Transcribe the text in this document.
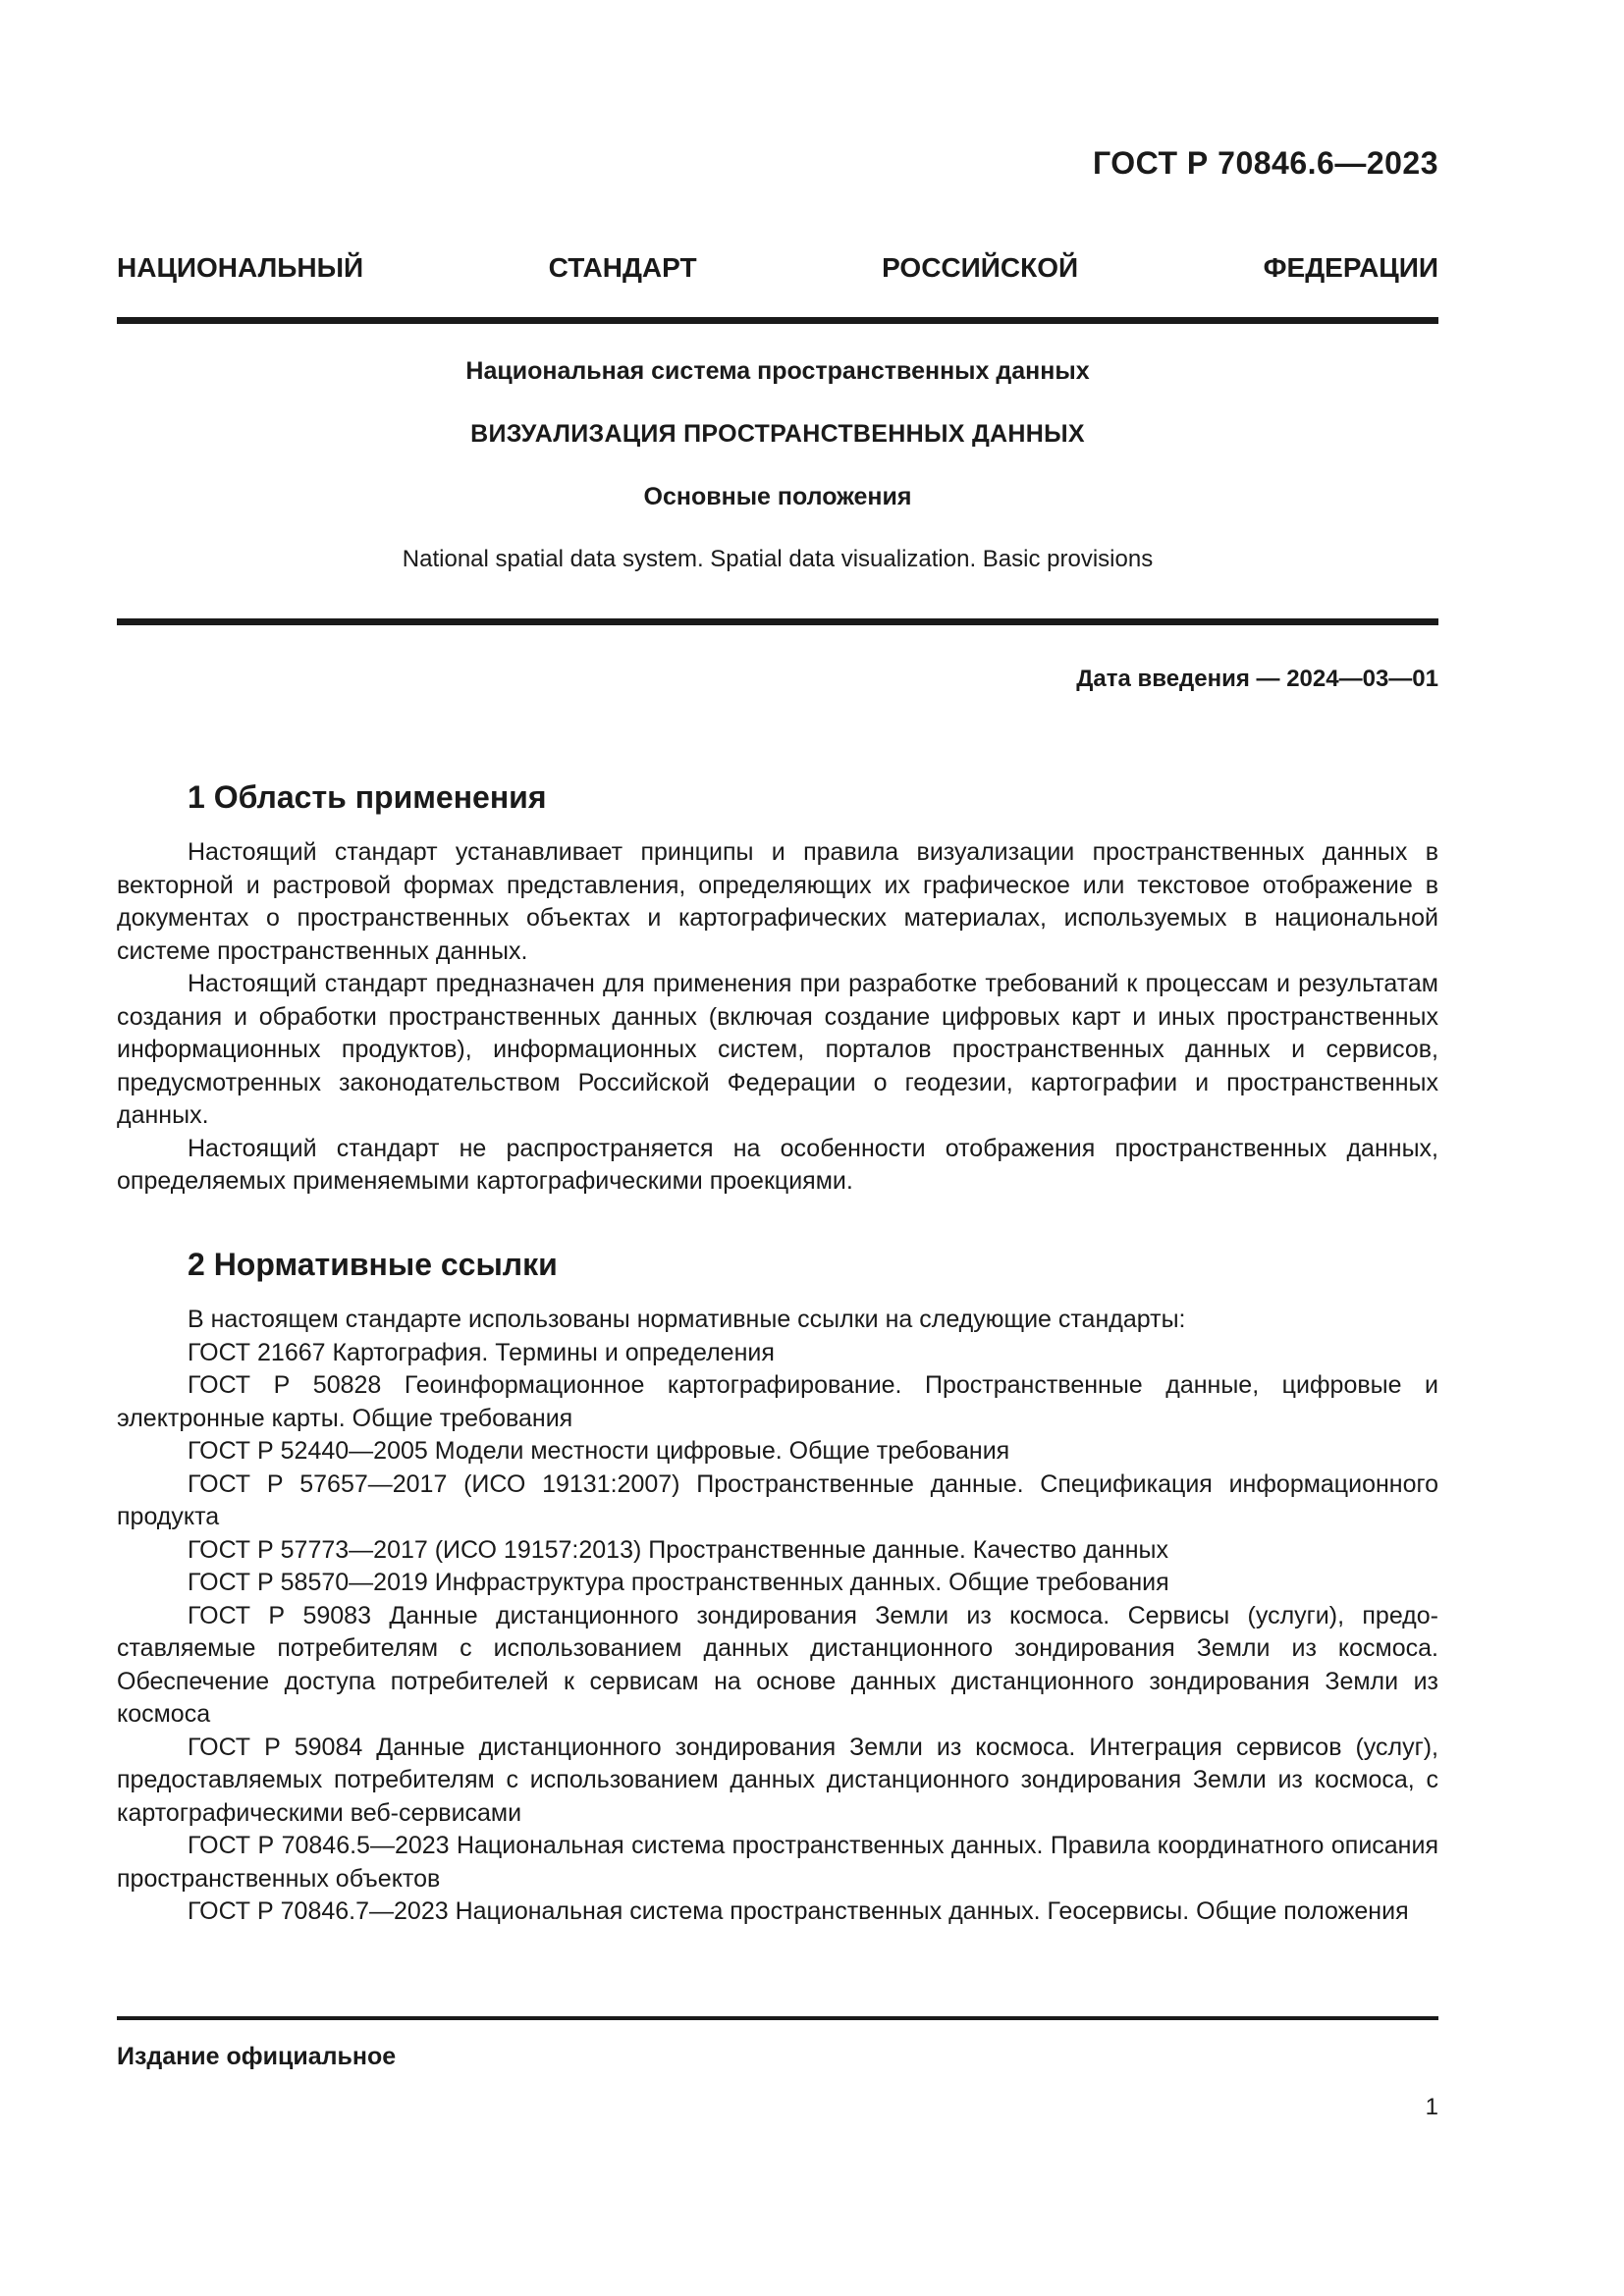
ГОСТ Р 70846.6—2023
НАЦИОНАЛЬНЫЙ СТАНДАРТ РОССИЙСКОЙ ФЕДЕРАЦИИ
Национальная система пространственных данных
ВИЗУАЛИЗАЦИЯ ПРОСТРАНСТВЕННЫХ ДАННЫХ
Основные положения
National spatial data system. Spatial data visualization. Basic provisions
Дата введения — 2024—03—01
1 Область применения

Настоящий стандарт устанавливает принципы и правила визуализации пространственных данных в векторной и растровой формах представления, определяющих их графическое или текстовое отображение в документах о пространственных объектах и картографических материалах, используемых в национальной системе пространственных данных.

Настоящий стандарт предназначен для применения при разработке требований к процессам и результатам создания и обработки пространственных данных (включая создание цифровых карт и иных пространственных информационных продуктов), информационных систем, порталов пространственных данных и сервисов, предусмотренных законодательством Российской Федерации о геодезии, картографии и пространственных данных.

Настоящий стандарт не распространяется на особенности отображения пространственных данных, определяемых применяемыми картографическими проекциями.

2 Нормативные ссылки

В настоящем стандарте использованы нормативные ссылки на следующие стандарты:

ГОСТ 21667 Картография. Термины и определения

ГОСТ Р 50828 Геоинформационное картографирование. Пространственные данные, цифровые и электронные карты. Общие требования

ГОСТ Р 52440—2005 Модели местности цифровые. Общие требования

ГОСТ Р 57657—2017 (ИСО 19131:2007) Пространственные данные. Спецификация информационного продукта

ГОСТ Р 57773—2017 (ИСО 19157:2013) Пространственные данные. Качество данных

ГОСТ Р 58570—2019 Инфраструктура пространственных данных. Общие требования

ГОСТ Р 59083 Данные дистанционного зондирования Земли из космоса. Сервисы (услуги), предоставляемые потребителям с использованием данных дистанционного зондирования Земли из космоса. Обеспечение доступа потребителей к сервисам на основе данных дистанционного зондирования Земли из космоса

ГОСТ Р 59084 Данные дистанционного зондирования Земли из космоса. Интеграция сервисов (услуг), предоставляемых потребителям с использованием данных дистанционного зондирования Земли из космоса, с картографическими веб-сервисами

ГОСТ Р 70846.5—2023 Национальная система пространственных данных. Правила координатного описания пространственных объектов

ГОСТ Р 70846.7—2023 Национальная система пространственных данных. Геосервисы. Общие положения

Издание официальное
1
